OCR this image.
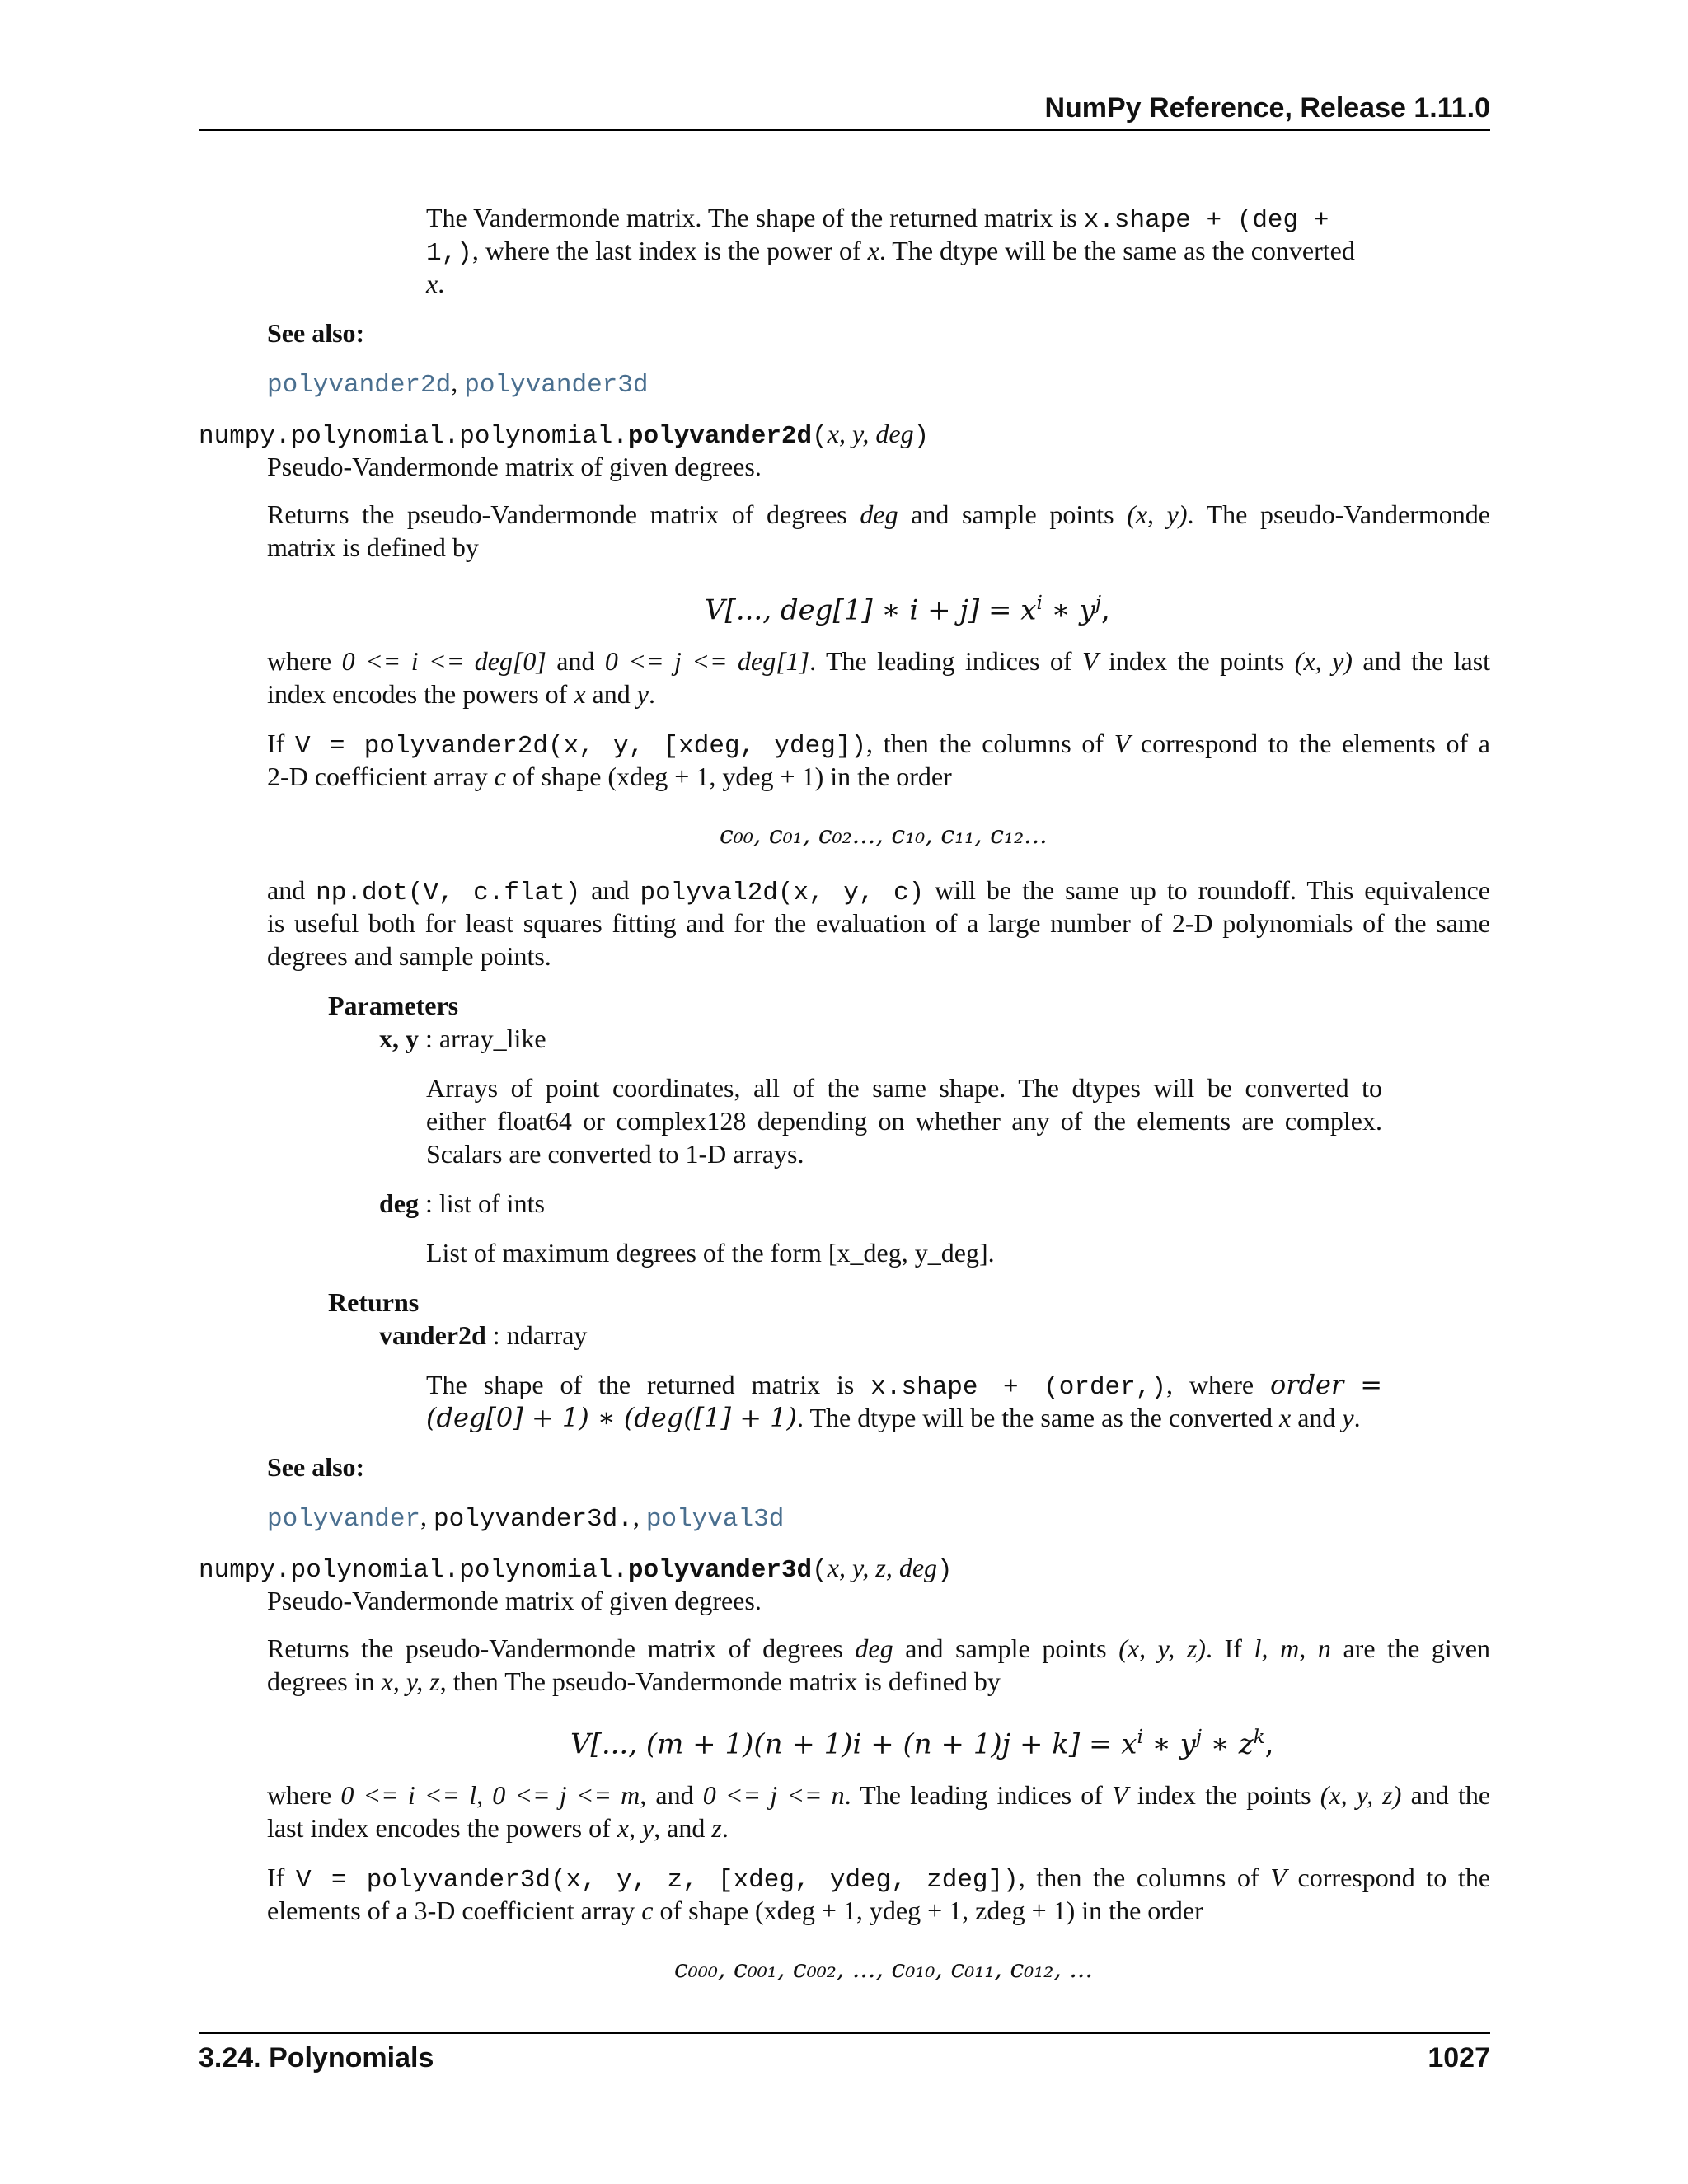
NumPy Reference, Release 1.11.0
The Vandermonde matrix. The shape of the returned matrix is x.shape + (deg +
1,), where the last index is the power of x. The dtype will be the same as the converted
x.
See also:
polyvander2d, polyvander3d
numpy.polynomial.polynomial.polyvander2d(x, y, deg)
Pseudo-Vandermonde matrix of given degrees.
Returns the pseudo-Vandermonde matrix of degrees deg and sample points (x, y). The pseudo-Vandermonde
matrix is defined by
V[..., deg[1] ∗ $i + j] = x^i$ ∗ $y^j$,
where 0 <= i <= deg[0] and 0 <= j <= deg[1]. The leading indices of V index the points (x, y) and the last
index encodes the powers of x and y.
If V = polyvander2d(x, y, [xdeg, ydeg]), then the columns of V correspond to the elements of a
2-D coefficient array c of shape (xdeg + 1, ydeg + 1) in the order
c₀₀, c₀₁, c₀₂..., c₁₀, c₁₁, c₁₂...
and np.dot(V, c.flat) and polyval2d(x, y, c) will be the same up to roundoff. This equivalence
is useful both for least squares fitting and for the evaluation of a large number of 2-D polynomials of the same
degrees and sample points.
Parameters
x, y : array_like
Arrays of point coordinates, all of the same shape. The dtypes will be converted to
either float64 or complex128 depending on whether any of the elements are complex.
Scalars are converted to 1-D arrays.
deg : list of ints
List of maximum degrees of the form [x_deg, y_deg].
Returns
vander2d : ndarray
The shape of the returned matrix is x.shape + (order,), where order =
(deg[0] + 1) ∗ (deg([1] + 1). The dtype will be the same as the converted x and y.
See also:
polyvander, polyvander3d., polyval3d
numpy.polynomial.polynomial.polyvander3d(x, y, z, deg)
Pseudo-Vandermonde matrix of given degrees.
Returns the pseudo-Vandermonde matrix of degrees deg and sample points (x, y, z). If l, m, n are the given
degrees in x, y, z, then The pseudo-Vandermonde matrix is defined by
V[..., $(m + 1)(n + 1)i + (n + 1)j + k] = x^i$ ∗ $y^j$ ∗ $z^k$,
where 0 <= i <= l, 0 <= j <= m, and 0 <= j <= n. The leading indices of V index the points (x, y, z) and the
last index encodes the powers of x, y, and z.
If V = polyvander3d(x, y, z, [xdeg, ydeg, zdeg]), then the columns of V correspond to the
elements of a 3-D coefficient array c of shape (xdeg + 1, ydeg + 1, zdeg + 1) in the order
c₀₀₀, c₀₀₁, c₀₀₂, ..., c₀₁₀, c₀₁₁, c₀₁₂, ...
3.24. Polynomials	1027
